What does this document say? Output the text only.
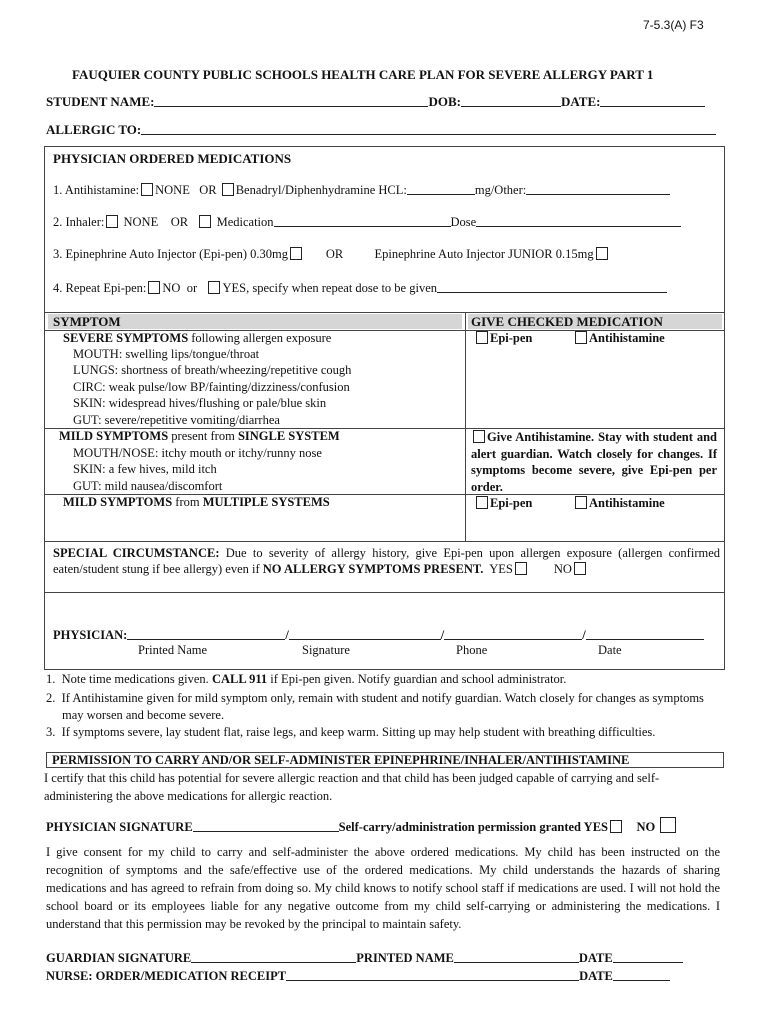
7-5.3(A) F3
FAUQUIER COUNTY PUBLIC SCHOOLS HEALTH CARE PLAN FOR SEVERE ALLERGY PART 1
STUDENT NAME:	DOB:	DATE:
ALLERGIC TO:
PHYSICIAN ORDERED MEDICATIONS
1. Antihistamine: NONE OR Benadryl/Diphenhydramine HCL:	mg/Other:
2. Inhaler: NONE OR Medication	Dose
3. Epinephrine Auto Injector (Epi-pen) 0.30mg	OR	Epinephrine Auto Injector JUNIOR 0.15mg
4. Repeat Epi-pen: NO or YES, specify when repeat dose to be given
SYMPTOM	GIVE CHECKED MEDICATION
SEVERE SYMPTOMS following allergen exposure
MOUTH: swelling lips/tongue/throat
LUNGS: shortness of breath/wheezing/repetitive cough
CIRC: weak pulse/low BP/fainting/dizziness/confusion
SKIN: widespread hives/flushing or pale/blue skin
GUT: severe/repetitive vomiting/diarrhea
Epi-pen	Antihistamine
MILD SYMPTOMS present from SINGLE SYSTEM
MOUTH/NOSE: itchy mouth or itchy/runny nose
SKIN: a few hives, mild itch
GUT: mild nausea/discomfort
Give Antihistamine. Stay with student and alert guardian. Watch closely for changes. If symptoms become severe, give Epi-pen per order.
MILD SYMPTOMS from MULTIPLE SYSTEMS	Epi-pen	Antihistamine
SPECIAL CIRCUMSTANCE: Due to severity of allergy history, give Epi-pen upon allergen exposure (allergen confirmed eaten/student stung if bee allergy) even if NO ALLERGY SYMPTOMS PRESENT. YES	NO
PHYSICIAN:	/	/	/
Printed Name	Signature	Phone	Date
1. Note time medications given. CALL 911 if Epi-pen given. Notify guardian and school administrator.
2. If Antihistamine given for mild symptom only, remain with student and notify guardian. Watch closely for changes as symptoms may worsen and become severe.
3. If symptoms severe, lay student flat, raise legs, and keep warm. Sitting up may help student with breathing difficulties.
PERMISSION TO CARRY AND/OR SELF-ADMINISTER EPINEPHRINE/INHALER/ANTIHISTAMINE
I certify that this child has potential for severe allergic reaction and that child has been judged capable of carrying and self-administering the above medications for allergic reaction.
PHYSICIAN SIGNATURE	Self-carry/administration permission granted YES NO
I give consent for my child to carry and self-administer the above ordered medications. My child has been instructed on the recognition of symptoms and the safe/effective use of the ordered medications. My child understands the hazards of sharing medications and has agreed to refrain from doing so. My child knows to notify school staff if medications are used. I will not hold the school board or its employees liable for any negative outcome from my child self-carrying or administering the medications. I understand that this permission may be revoked by the principal to maintain safety.
GUARDIAN SIGNATURE	PRINTED NAME	DATE
NURSE: ORDER/MEDICATION RECEIPT	DATE
